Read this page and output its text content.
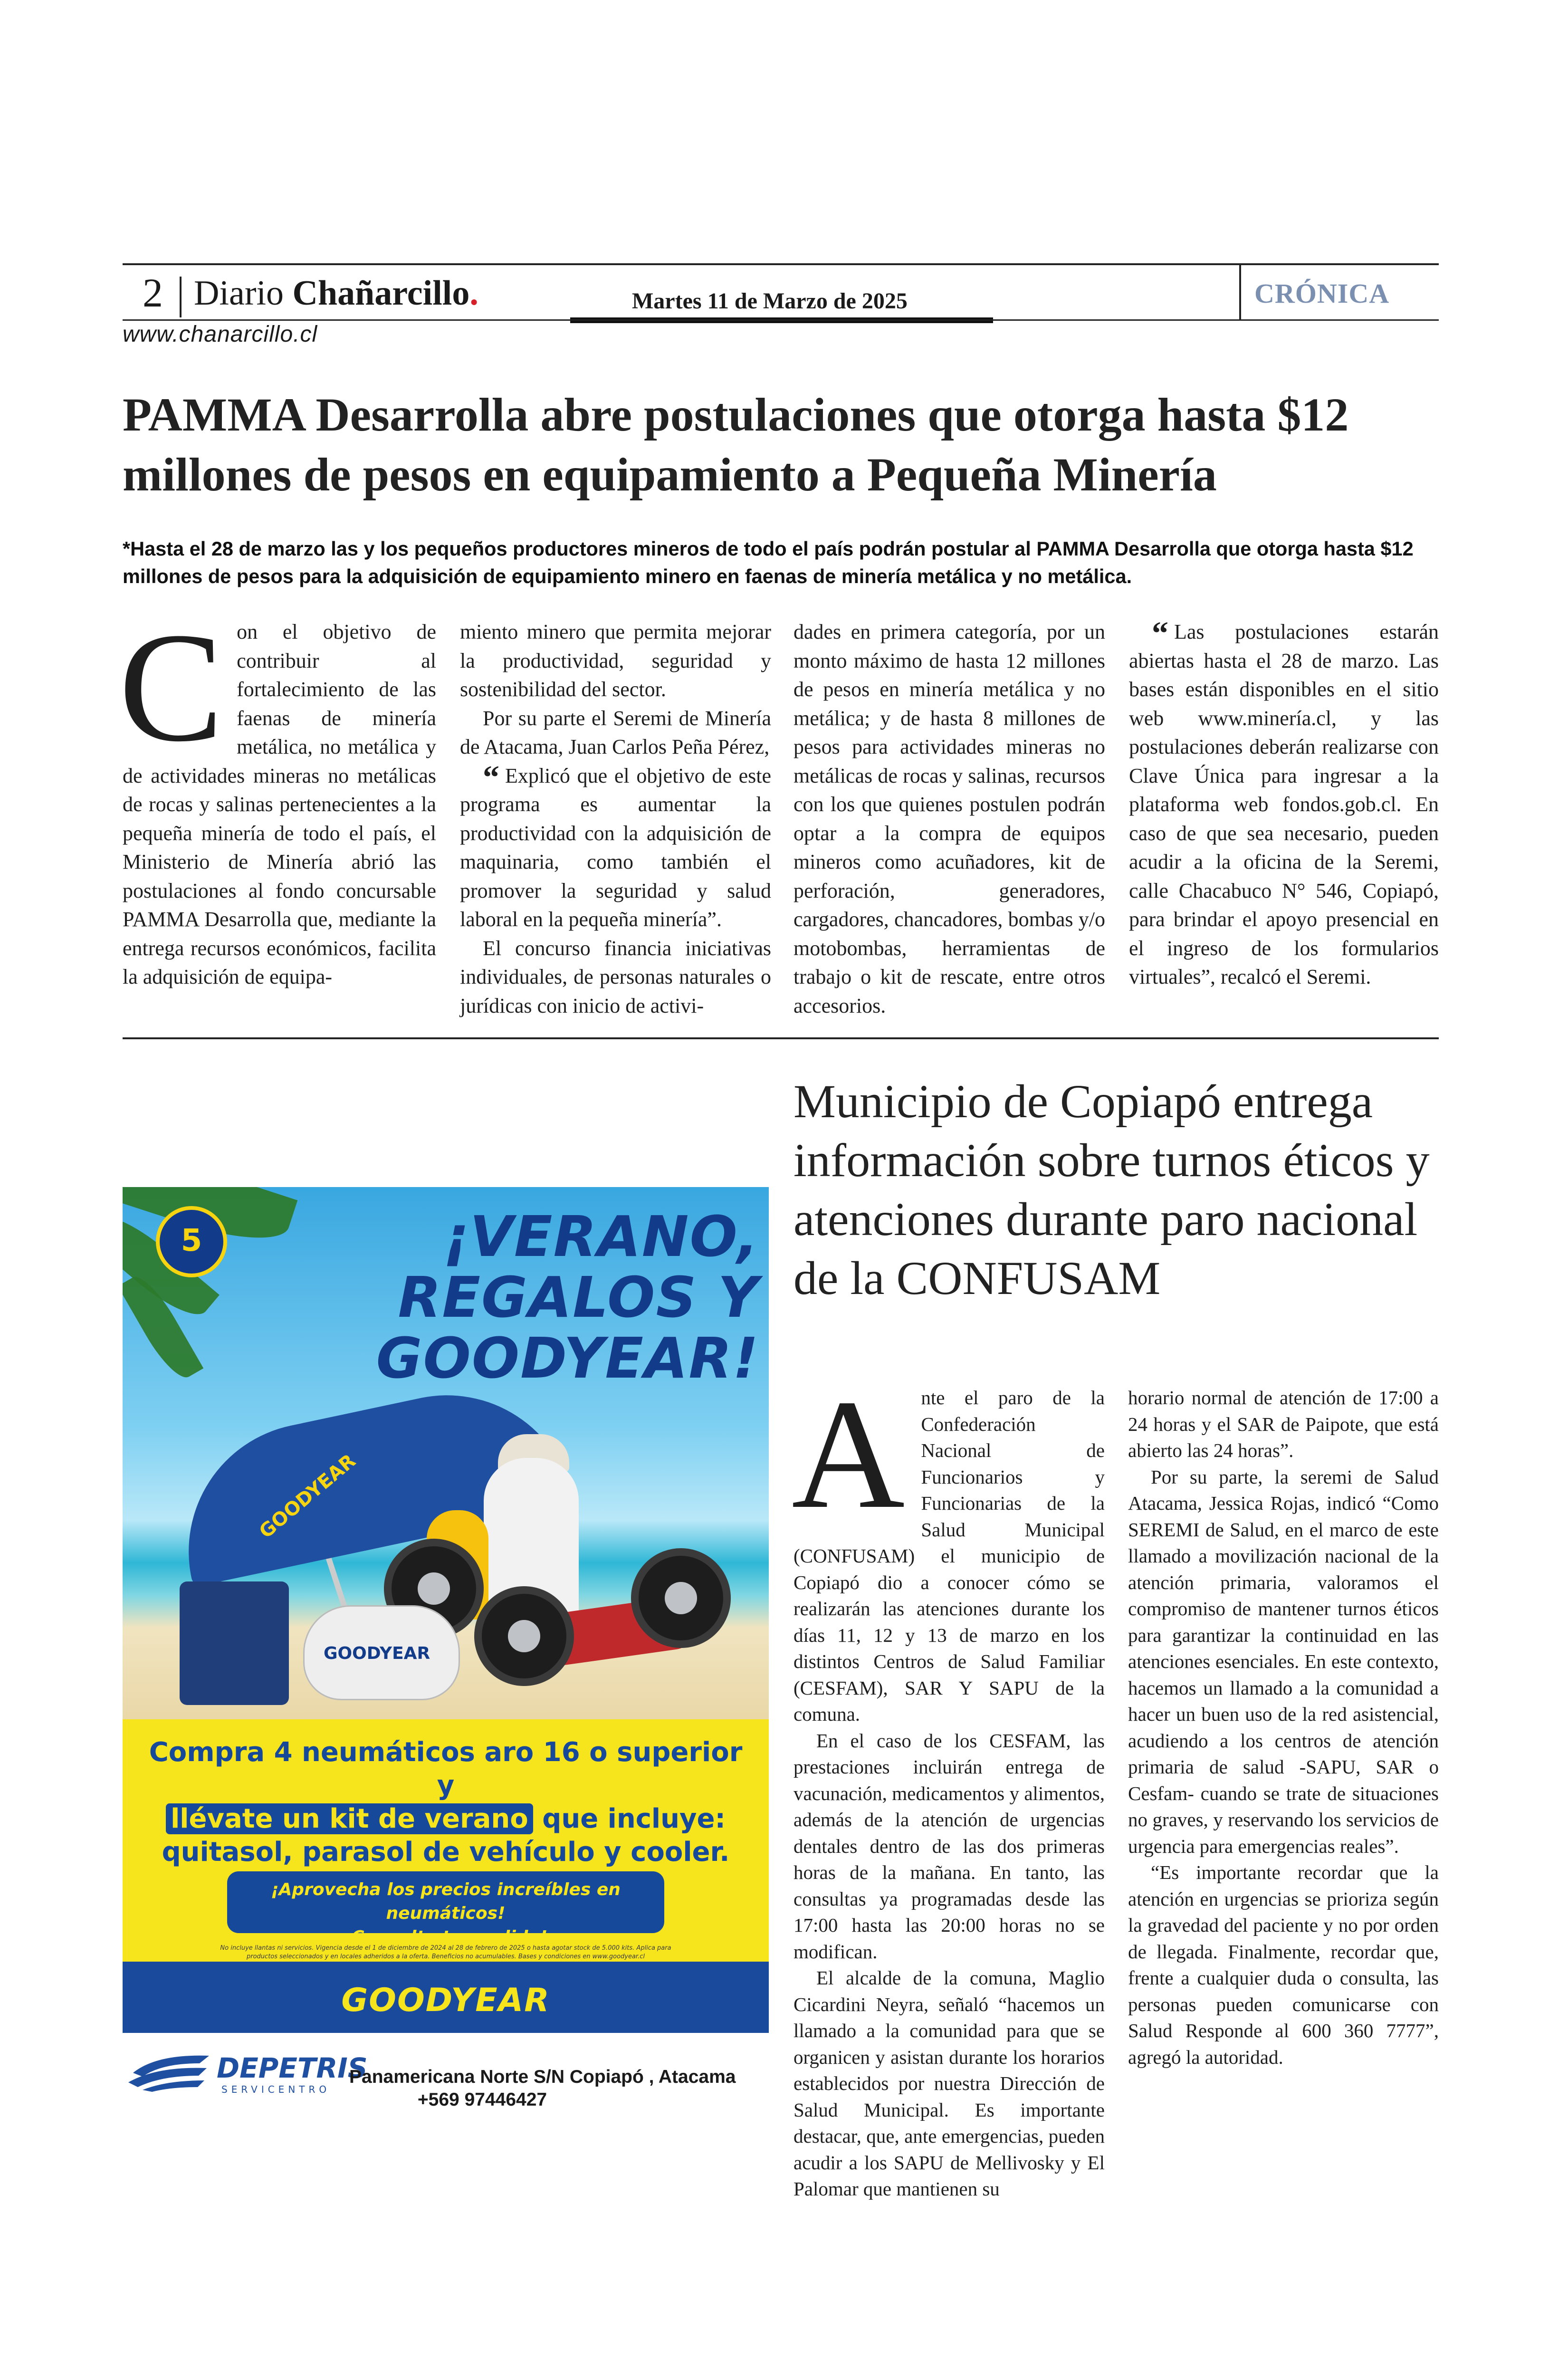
2 Diario Chañarcillo.	Martes 11 de Marzo de 2025	CRÓNICA
www.chanarcillo.cl
PAMMA Desarrolla abre postulaciones que otorga hasta $12 millones de pesos en equipamiento a Pequeña Minería
*Hasta el 28 de marzo las y los pequeños productores mineros de todo el país podrán postular al PAMMA Desarrolla que otorga hasta $12 millones de pesos para la adquisición de equipamiento minero en faenas de minería metálica y no metálica.

Con el objetivo de contribuir al fortalecimiento de las faenas de minería metálica, no metálica y de actividades mineras no metálicas de rocas y salinas pertenecientes a la pequeña minería de todo el país, el Ministerio de Minería abrió las postulaciones al fondo concursable PAMMA Desarrolla que, mediante la entrega recursos económicos, facilita la adquisición de equipa-

miento minero que permita mejorar la productividad, seguridad y sostenibilidad del sector.

Por su parte el Seremi de Minería de Atacama, Juan Carlos Peña Pérez,

“ Explicó que el objetivo de este programa es aumentar la productividad con la adquisición de maquinaria, como también el promover la seguridad y salud laboral en la pequeña minería”.

El concurso financia iniciativas individuales, de personas naturales o jurídicas con inicio de activi-

dades en primera categoría, por un monto máximo de hasta 12 millones de pesos en minería metálica y no metálica; y de hasta 8 millones de pesos para actividades mineras no metálicas de rocas y salinas, recursos con los que quienes postulen podrán optar a la compra de equipos mineros como acuñadores, kit de perforación, generadores, cargadores, chancadores, bombas y/o motobombas, herramientas de trabajo o kit de rescate, entre otros accesorios.

“ Las postulaciones estarán abiertas hasta el 28 de marzo. Las bases están disponibles en el sitio web www.minería.cl, y las postulaciones deberán realizarse con Clave Única para ingresar a la plataforma web fondos.gob.cl. En caso de que sea necesario, pueden acudir a la oficina de la Seremi, calle Chacabuco N° 546, Copiapó, para brindar el apoyo presencial en el ingreso de los formularios virtuales”, recalcó el Seremi.

5	¡VERANO,
REGALOS Y
GOODYEAR!
GOODYEAR
GOODYEAR
Compra 4 neumáticos aro 16 o superior y
llévate un kit de verano que incluye:
quitasol, parasol de vehículo y cooler.
¡Aprovecha los precios increíbles en neumáticos!
¡Consulta tu medida!
No incluye llantas ni servicios. Vigencia desde el 1 de diciembre de 2024 al 28 de febrero de 2025 o hasta agotar stock de 5.000 kits. Aplica para productos seleccionados y en locales adheridos a la oferta. Beneficios no acumulables. Bases y condiciones en www.goodyear.cl
GOODYEAR
DEPETRIS
SERVICENTRO
Panamericana Norte S/N Copiapó , Atacama
+569 97446427
Municipio de Copiapó entrega información sobre turnos éticos y atenciones durante paro nacional de la CONFUSAM

Ante el paro de la Confederación Nacional de Funcionarios y Funcionarias de la Salud Municipal (CONFUSAM) el municipio de Copiapó dio a conocer cómo se realizarán las atenciones durante los días 11, 12 y 13 de marzo en los distintos Centros de Salud Familiar (CESFAM), SAR Y SAPU de la comuna.

En el caso de los CESFAM, las prestaciones incluirán entrega de vacunación, medicamentos y alimentos, además de la atención de urgencias dentales dentro de las dos primeras horas de la mañana. En tanto, las consultas ya programadas desde las 17:00 hasta las 20:00 horas no se modifican.

El alcalde de la comuna, Maglio Cicardini Neyra, señaló “hacemos un llamado a la comunidad para que se organicen y asistan durante los horarios establecidos por nuestra Dirección de Salud Municipal. Es importante destacar, que, ante emergencias, pueden acudir a los SAPU de Mellivosky y El Palomar que mantienen su

horario normal de atención de 17:00 a 24 horas y el SAR de Paipote, que está abierto las 24 horas”.

Por su parte, la seremi de Salud Atacama, Jessica Rojas, indicó “Como SEREMI de Salud, en el marco de este llamado a movilización nacional de la atención primaria, valoramos el compromiso de mantener turnos éticos para garantizar la continuidad en las atenciones esenciales. En este contexto, hacemos un llamado a la comunidad a hacer un buen uso de la red asistencial, acudiendo a los centros de atención primaria de salud -SAPU, SAR o Cesfam- cuando se trate de situaciones no graves, y reservando los servicios de urgencia para emergencias reales”.

“Es importante recordar que la atención en urgencias se prioriza según la gravedad del paciente y no por orden de llegada. Finalmente, recordar que, frente a cualquier duda o consulta, las personas pueden comunicarse con Salud Responde al 600 360 7777”, agregó la autoridad.
